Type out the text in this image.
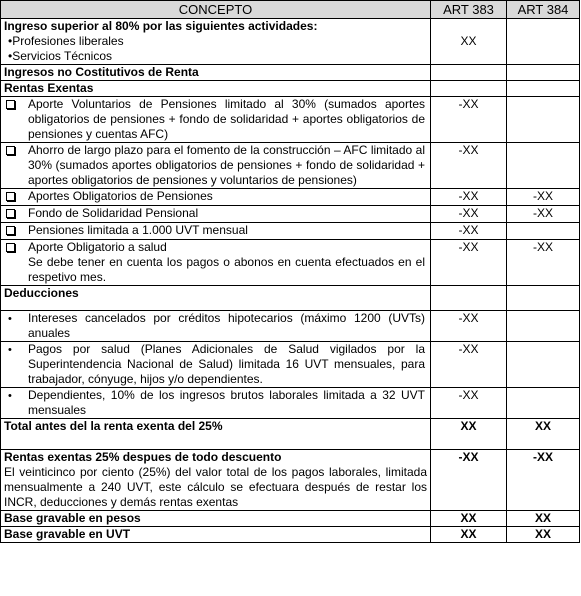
CONCEPTO	ART 383	ART 384

Ingreso superior al 80% por las siguientes actividades:
•Profesiones liberales
•Servicios Técnicos	XX	
Ingresos no Costitutivos de Renta		
Rentas Exentas		

Aporte Voluntarios de Pensiones limitado al 30% (sumados aportes obligatorios de pensiones + fondo de solidaridad + aportes obligatorios de pensiones y cuentas AFC)	-XX	

Ahorro de largo plazo para el fomento de la construcción – AFC limitado al 30% (sumados aportes obligatorios de pensiones + fondo de solidaridad + aportes obligatorios de pensiones y voluntarios de pensiones)	-XX	

Aportes Obligatorios de Pensiones	-XX	-XX

Fondo de Solidaridad Pensional	-XX	-XX

Pensiones limitada a 1.000 UVT mensual	-XX	

Aporte Obligatorio a salud
Se debe tener en cuenta los pagos o abonos en cuenta efectuados en el respetivo mes.	-XX	-XX
Deducciones		

• Intereses cancelados por créditos hipotecarios (máximo 1200 (UVTs) anuales	-XX	

• Pagos por salud (Planes Adicionales de Salud vigilados por la Superintendencia Nacional de Salud) limitada 16 UVT mensuales, para trabajador, cónyuge, hijos y/o dependientes.	-XX	

• Dependientes, 10% de los ingresos brutos laborales limitada a 32 UVT mensuales	-XX	
Total antes del la renta exenta del 25%	XX	XX

Rentas exentas 25% despues de todo descuento
El veinticinco por ciento (25%) del valor total de los pagos laborales, limitada mensualmente a 240 UVT, este cálculo se efectuara después de restar los INCR, deducciones y demás rentas exentas	-XX	-XX
Base gravable en pesos	XX	XX
Base gravable en UVT	XX	XX
